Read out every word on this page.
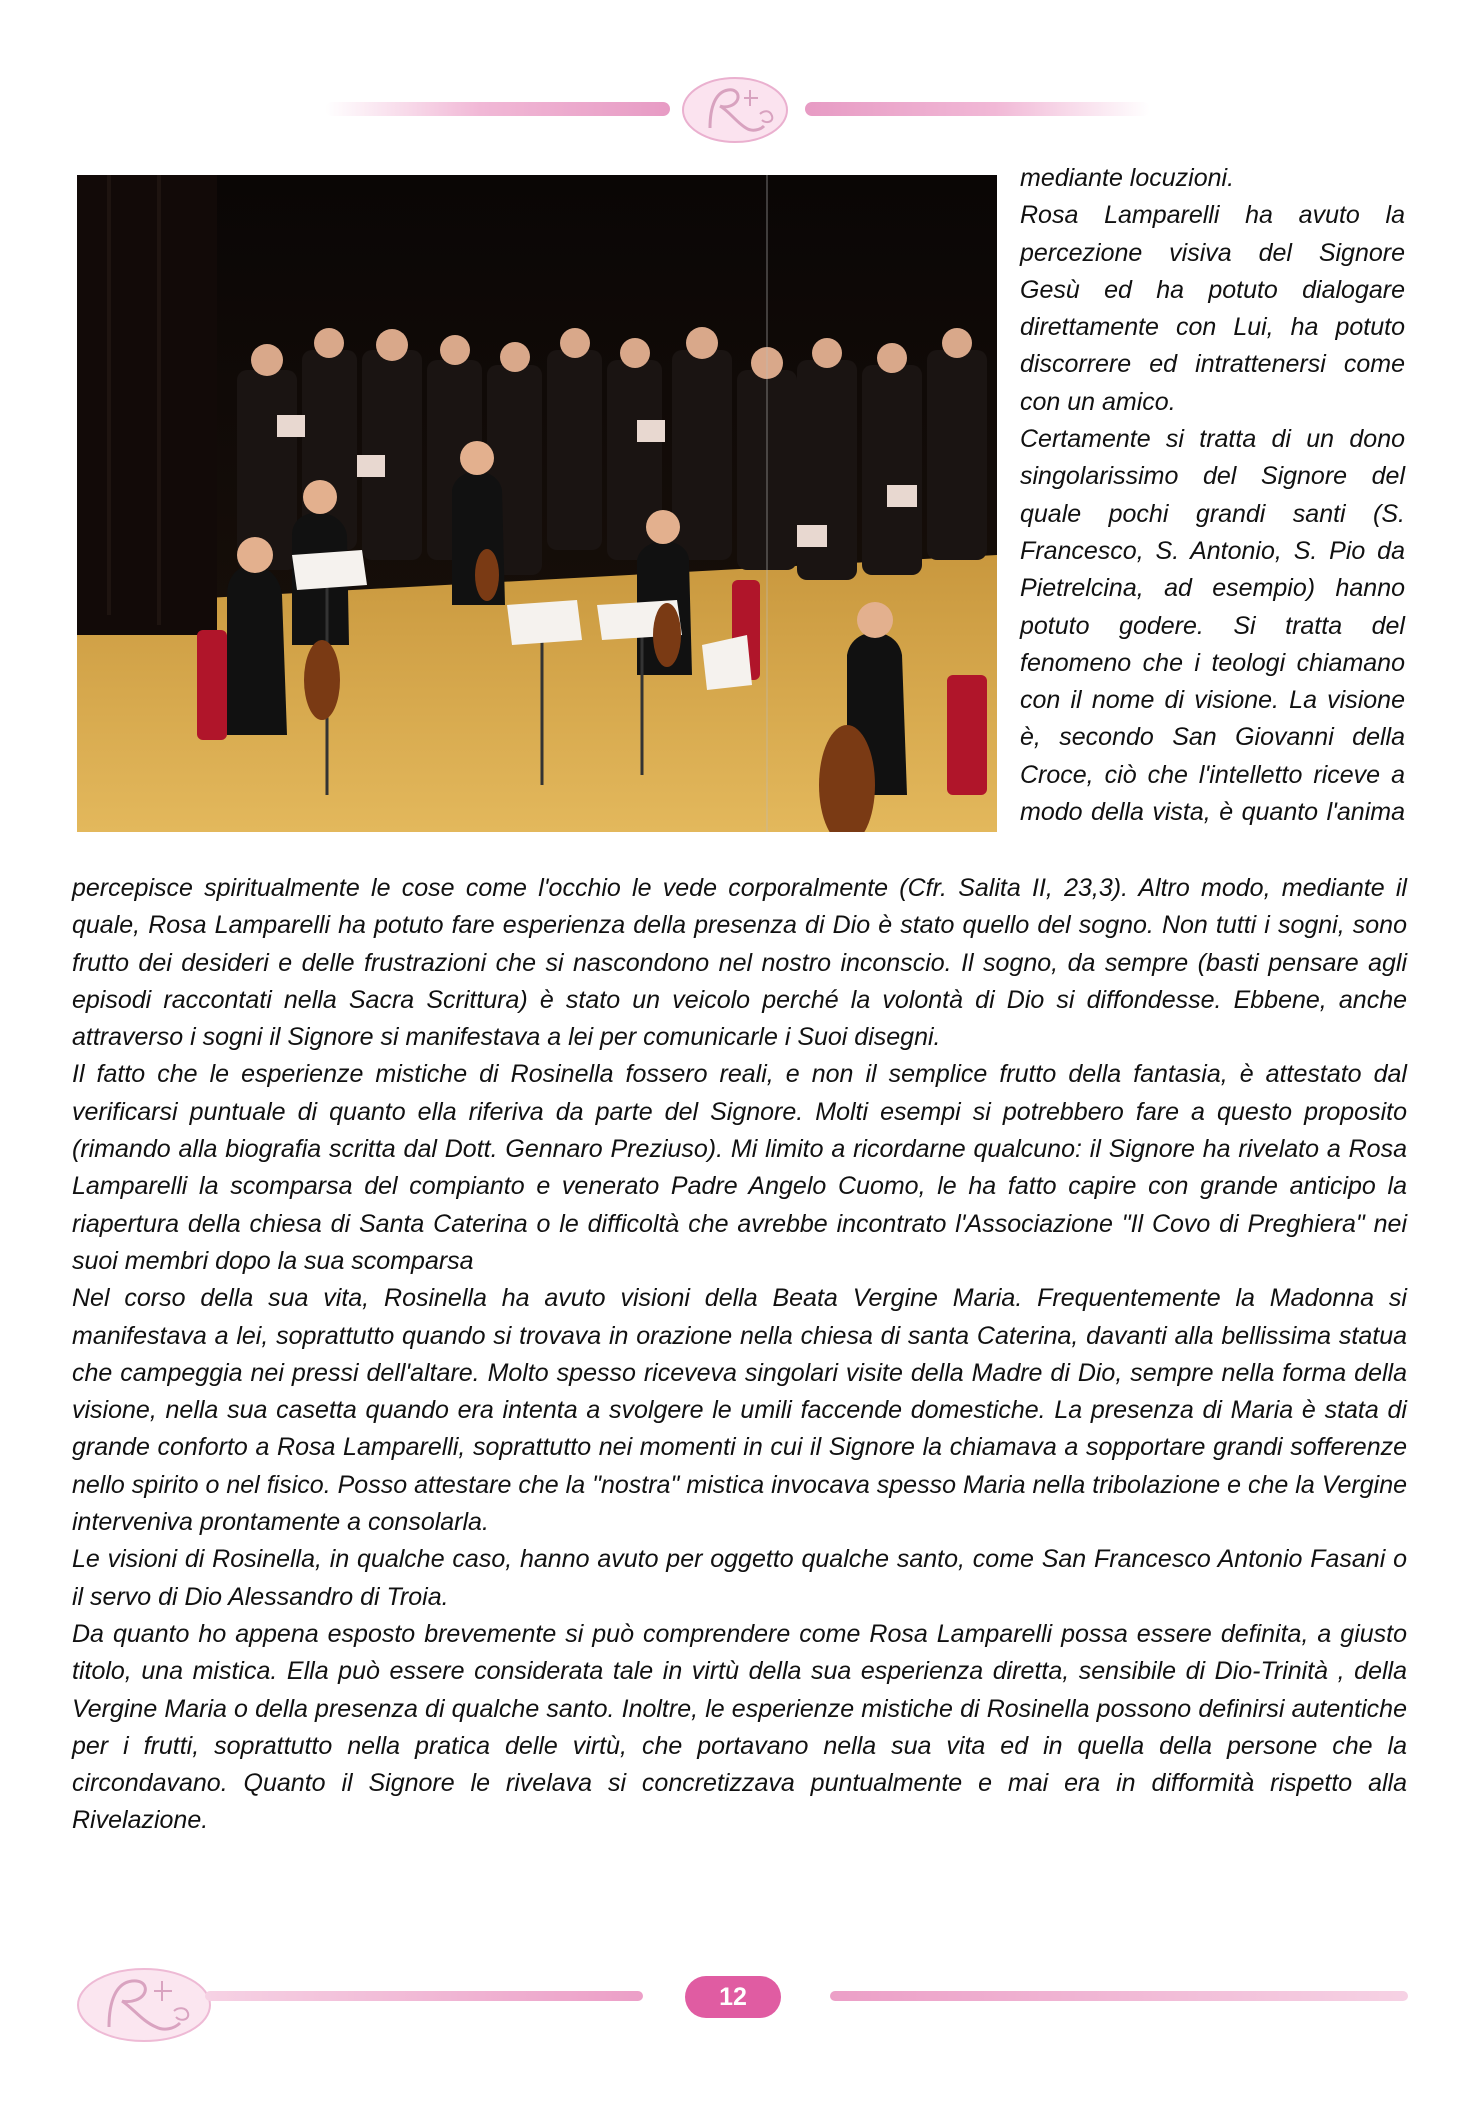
mediante locuzioni.

Rosa Lamparelli ha avuto la percezione visiva del Signore Gesù ed ha potuto dialogare direttamente con Lui, ha potuto discorrere ed intrattenersi come con un amico.

Certamente si tratta di un dono singolarissimo del Signore del quale pochi grandi santi (S. Francesco, S. Antonio, S. Pio da Pietrelcina, ad esempio) hanno potuto godere. Si tratta del fenomeno che i teologi chiamano con il nome di visione. La visione è, secondo San Giovanni della Croce, ciò che l'intelletto riceve a modo della vista, è quanto l'anima

percepisce spiritualmente le cose come l'occhio le vede corporalmente (Cfr. Salita II, 23,3). Altro modo, mediante il quale, Rosa Lamparelli ha potuto fare esperienza della presenza di Dio è stato quello del sogno. Non tutti i sogni, sono frutto dei desideri e delle frustrazioni che si nascondono nel nostro inconscio. Il sogno, da sempre (basti pensare agli episodi raccontati nella Sacra Scrittura) è stato un veicolo perché la volontà di Dio si diffondesse. Ebbene, anche attraverso i sogni il Signore si manifestava a lei per comunicarle i Suoi disegni.

Il fatto che le esperienze mistiche di Rosinella fossero reali, e non il semplice frutto della fantasia, è attestato dal verificarsi puntuale di quanto ella riferiva da parte del Signore. Molti esempi si potrebbero fare a questo proposito (rimando alla biografia scritta dal Dott. Gennaro Preziuso). Mi limito a ricordarne qualcuno: il Signore ha rivelato a Rosa Lamparelli la scomparsa del compianto e venerato Padre Angelo Cuomo, le ha fatto capire con grande anticipo la riapertura della chiesa di Santa Caterina o le difficoltà che avrebbe incontrato l'Associazione "Il Covo di Preghiera" nei suoi membri dopo la sua scomparsa

Nel corso della sua vita, Rosinella ha avuto visioni della Beata Vergine Maria. Frequentemente la Madonna si manifestava a lei, soprattutto quando si trovava in orazione nella chiesa di santa Caterina, davanti alla bellissima statua che campeggia nei pressi dell'altare. Molto spesso riceveva singolari visite della Madre di Dio, sempre nella forma della visione, nella sua casetta quando era intenta a svolgere le umili faccende domestiche. La presenza di Maria è stata di grande conforto a Rosa Lamparelli, soprattutto nei momenti in cui il Signore la chiamava a sopportare grandi sofferenze nello spirito o nel fisico. Posso attestare che la "nostra" mistica invocava spesso Maria nella tribolazione e che la Vergine interveniva prontamente a consolarla.

Le visioni di Rosinella, in qualche caso, hanno avuto per oggetto qualche santo, come San Francesco Antonio Fasani o il servo di Dio Alessandro di Troia.

Da quanto ho appena esposto brevemente si può comprendere come Rosa Lamparelli possa essere definita, a giusto titolo, una mistica. Ella può essere considerata tale in virtù della sua esperienza diretta, sensibile di Dio-Trinità , della Vergine Maria o della presenza di qualche santo. Inoltre, le esperienze mistiche di Rosinella possono definirsi autentiche per i frutti, soprattutto nella pratica delle virtù, che portavano nella sua vita ed in quella della persone che la circondavano. Quanto il Signore le rivelava si concretizzava puntualmente e mai era in difformità rispetto alla Rivelazione.

12
